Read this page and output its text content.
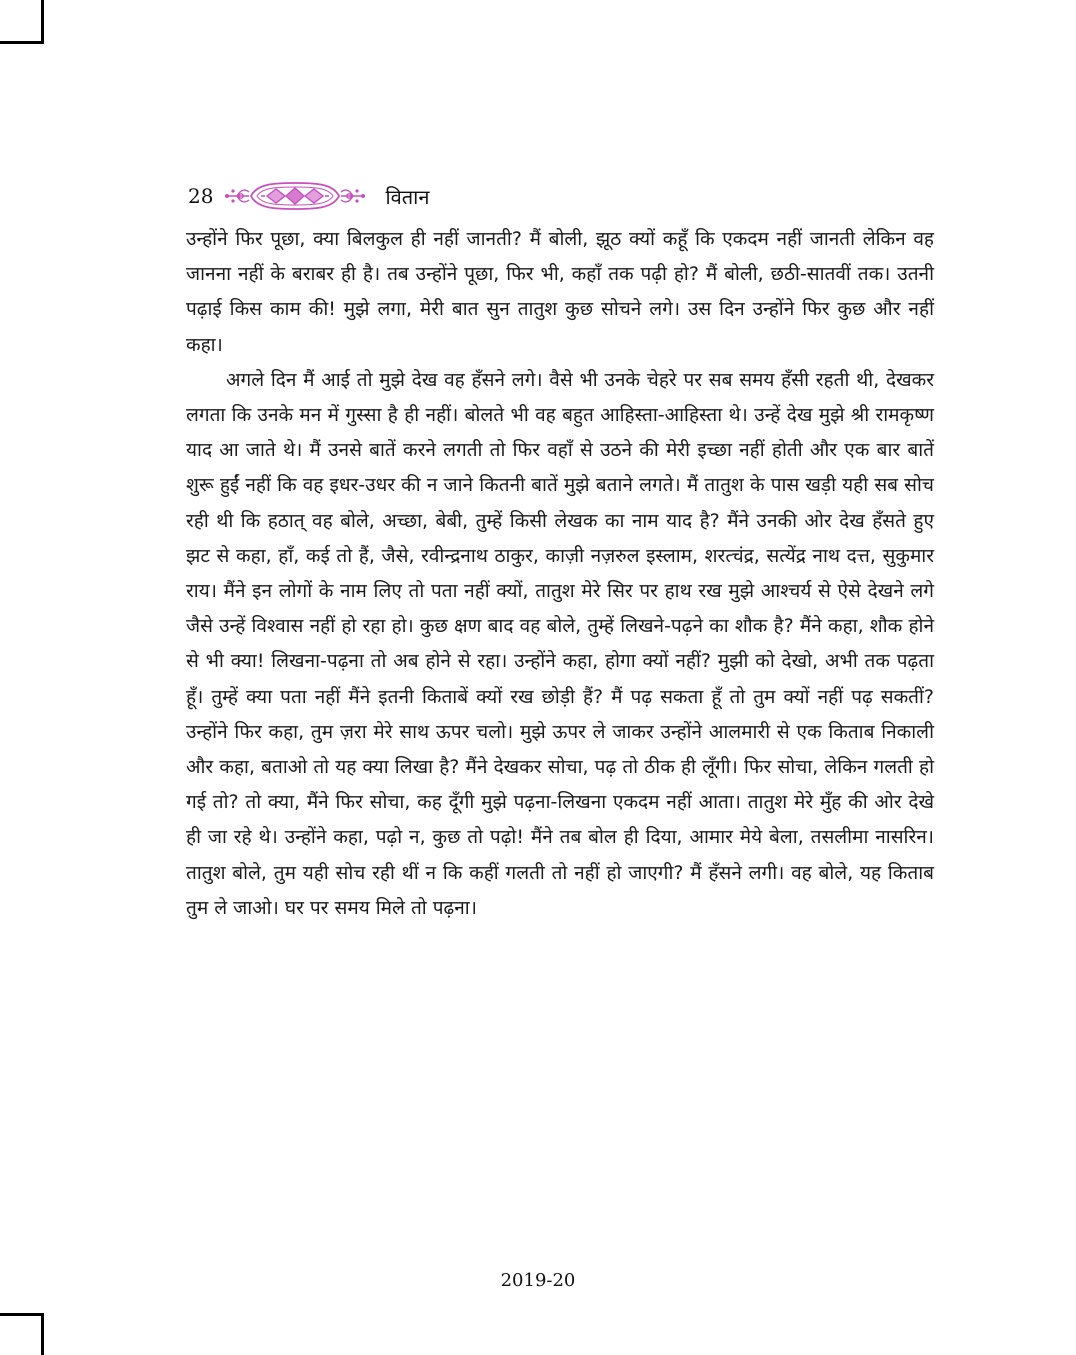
28	वितान

उन्होंने फिर पूछा, क्या बिलकुल ही नहीं जानती? मैं बोली, झूठ क्यों कहूँ कि एकदम नहीं जानती लेकिन वह जानना नहीं के बराबर ही है। तब उन्होंने पूछा, फिर भी, कहाँ तक पढ़ी हो? मैं बोली, छठी-सातवीं तक। उतनी पढ़ाई किस काम की! मुझे लगा, मेरी बात सुन तातुश कुछ सोचने लगे। उस दिन उन्होंने फिर कुछ और नहीं कहा।

अगले दिन मैं आई तो मुझे देख वह हँसने लगे। वैसे भी उनके चेहरे पर सब समय हँसी रहती थी, देखकर लगता कि उनके मन में गुस्सा है ही नहीं। बोलते भी वह बहुत आहिस्ता-आहिस्ता थे। उन्हें देख मुझे श्री रामकृष्ण याद आ जाते थे। मैं उनसे बातें करने लगती तो फिर वहाँ से उठने की मेरी इच्छा नहीं होती और एक बार बातें शुरू हुईं नहीं कि वह इधर-उधर की न जाने कितनी बातें मुझे बताने लगते। मैं तातुश के पास खड़ी यही सब सोच रही थी कि हठात् वह बोले, अच्छा, बेबी, तुम्हें किसी लेखक का नाम याद है? मैंने उनकी ओर देख हँसते हुए झट से कहा, हाँ, कई तो हैं, जैसे, रवीन्द्रनाथ ठाकुर, काज़ी नज़रुल इस्लाम, शरत्चंद्र, सत्येंद्र नाथ दत्त, सुकुमार राय। मैंने इन लोगों के नाम लिए तो पता नहीं क्यों, तातुश मेरे सिर पर हाथ रख मुझे आश्चर्य से ऐसे देखने लगे जैसे उन्हें विश्वास नहीं हो रहा हो। कुछ क्षण बाद वह बोले, तुम्हें लिखने-पढ़ने का शौक है? मैंने कहा, शौक होने से भी क्या! लिखना-पढ़ना तो अब होने से रहा। उन्होंने कहा, होगा क्यों नहीं? मुझी को देखो, अभी तक पढ़ता हूँ। तुम्हें क्या पता नहीं मैंने इतनी किताबें क्यों रख छोड़ी हैं? मैं पढ़ सकता हूँ तो तुम क्यों नहीं पढ़ सकतीं? उन्होंने फिर कहा, तुम ज़रा मेरे साथ ऊपर चलो। मुझे ऊपर ले जाकर उन्होंने आलमारी से एक किताब निकाली और कहा, बताओ तो यह क्या लिखा है? मैंने देखकर सोचा, पढ़ तो ठीक ही लूँगी। फिर सोचा, लेकिन गलती हो गई तो? तो क्या, मैंने फिर सोचा, कह दूँगी मुझे पढ़ना-लिखना एकदम नहीं आता। तातुश मेरे मुँह की ओर देखे ही जा रहे थे। उन्होंने कहा, पढ़ो न, कुछ तो पढ़ो! मैंने तब बोल ही दिया, आमार मेये बेला, तसलीमा नासरिन। तातुश बोले, तुम यही सोच रही थीं न कि कहीं गलती तो नहीं हो जाएगी? मैं हँसने लगी। वह बोले, यह किताब तुम ले जाओ। घर पर समय मिले तो पढ़ना।

2019-20
